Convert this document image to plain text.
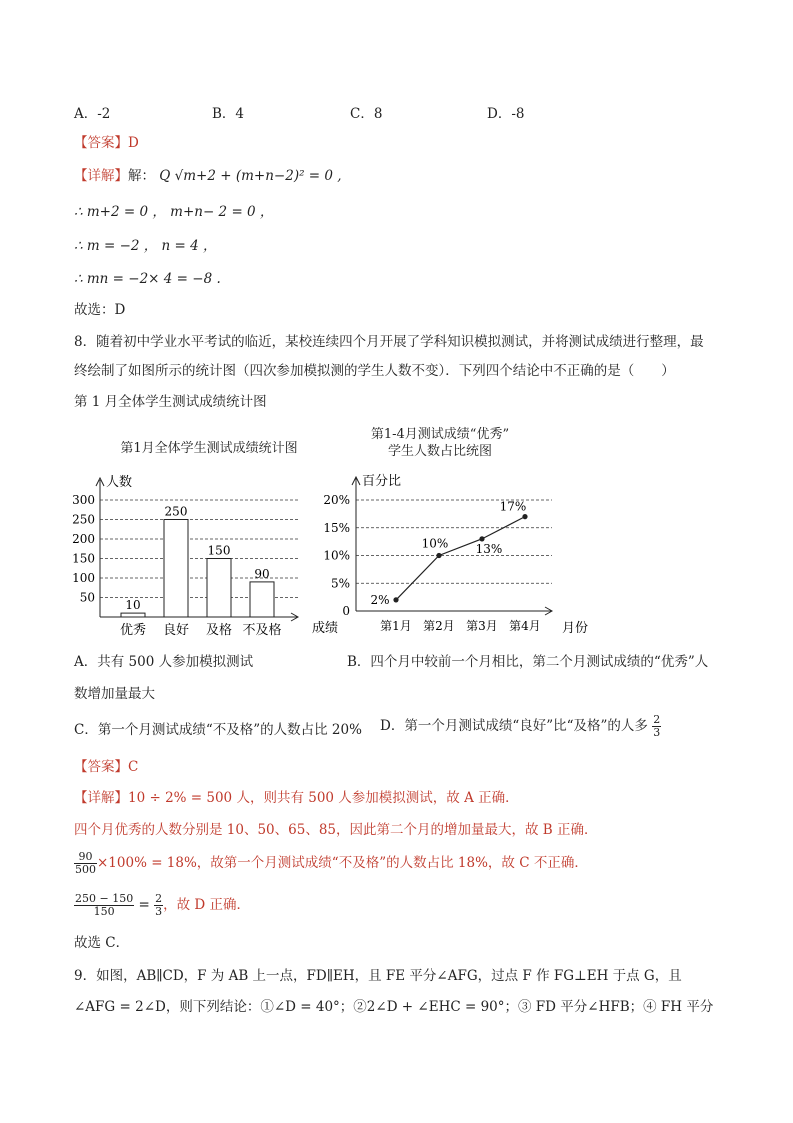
A．-2	B．4	C．8	D．-8
【答案】D
【详解】解： Q √m+2 + (m+n−2)² = 0 ,
∴ m+2 = 0 ， m+n− 2 = 0 ，
∴ m = −2 ， n = 4 ，
∴ mn = −2× 4 = −8 .
故选：D
8．随着初中学业水平考试的临近，某校连续四个月开展了学科知识模拟测试，并将测试成绩进行整理，最
终绘制了如图所示的统计图（四次参加模拟测的学生人数不变）．下列四个结论中不正确的是（　　）
第 1 月全体学生测试成绩统计图
第1月全体学生测试成绩统计图
第1-4月测试成绩“优秀”
学生人数占比统图
人数
成绩
50
100
150
200
250
300
10
优秀
250
良好
150
及格
90
不及格
百分比
月份
0
5%
10%
15%
20%
2%
第1月
10%
第2月
13%
第3月
17%
第4月
A．共有 500 人参加模拟测试	B．四个月中较前一个月相比，第二个月测试成绩的“优秀”人
数增加量最大
C．第一个月测试成绩“不及格”的人数占比 20% D．第一个月测试成绩“良好”比“及格”的人多 $\frac{2}{3}$
【答案】C
【详解】10 ÷ 2% = 500 人，则共有 500 人参加模拟测试，故 A 正确．
四个月优秀的人数分别是 10、50、65、85，因此第二个月的增加量最大，故 B 正确．
$\frac{90}{500} \times 100\% = 18\%$，故第一个月测试成绩“不及格”的人数占比 18%，故 C 不正确．
$\frac{250 - 150}{150} = \frac{2}{3}$ ，故 D 正确．
故选 C．
9．如图，AB∥CD，F 为 AB 上一点，FD∥EH，且 FE 平分∠AFG，过点 F 作 FG⊥EH 于点 G，且
∠AFG = 2∠D，则下列结论：①∠D = 40°；②2∠D + ∠EHC = 90°；③ FD 平分∠HFB；④ FH 平分
